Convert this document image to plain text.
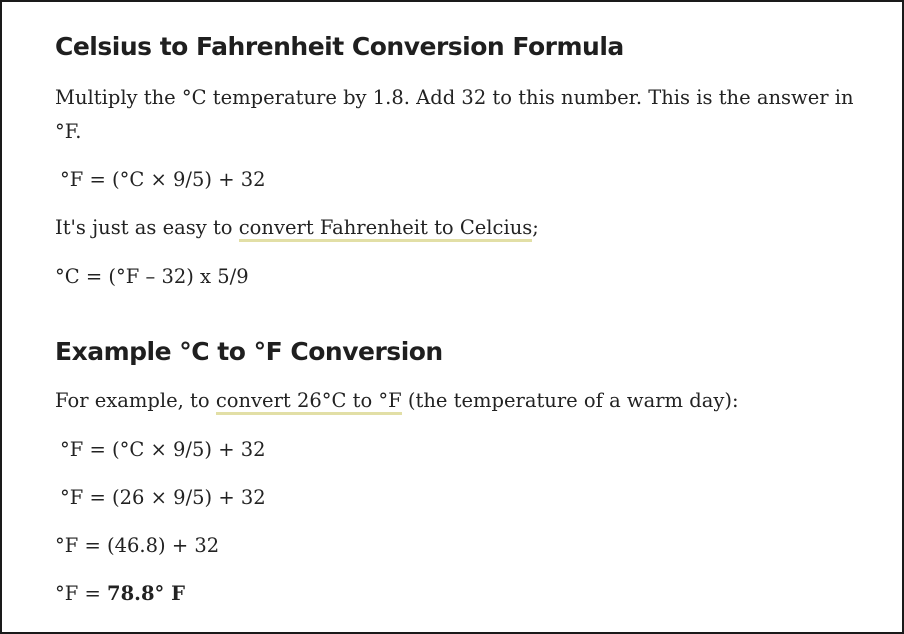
Celsius to Fahrenheit Conversion Formula
Multiply the °C temperature by 1.8. Add 32 to this number. This is the answer in °F.
°F = (°C × 9/5) + 32
It's just as easy to convert Fahrenheit to Celcius;
°C = (°F – 32) x 5/9
Example °C to °F Conversion
For example, to convert 26°C to °F (the temperature of a warm day):
°F = (°C × 9/5) + 32
°F = (26 × 9/5) + 32
°F = (46.8) + 32
°F = 78.8° F
